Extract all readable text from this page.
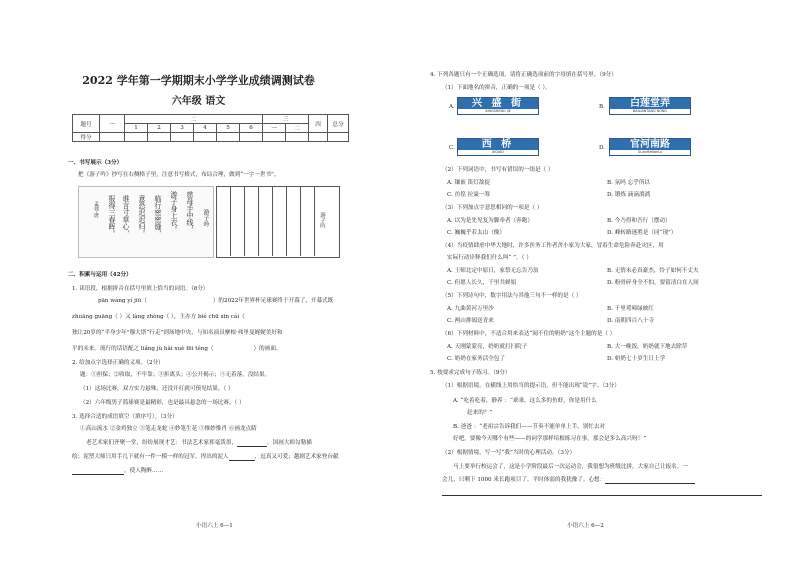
2022 学年第一学期期末小学学业成绩调测试卷
六年级 语文
题号	一	二						三		四	总分
		1	2	3	4	5	6	一	二		
得分											
一、书写展示（3分）
把《游子吟》抄写在右侧格子里，注意书写格式，布局合理，做到“一字一世书”。
孟郊·唐 报得三春晖。 谁言寸草心， 意恐迟迟归。 临行密密缝， 游子身上衣。 慈母手中线， 游子吟	游子吟
二、积累与运用（42分）
1. 读语段，根据拼音在括号里填上恰当的词语。（8分）
pān wàng yí jiū（	）的2022年世界杯足球赛终于开幕了，开幕式既
zhuāng guāng（ ）又 làng zhòng（ ），主办方 bié chū xīn cái（
独让20岁的“半身少年”穆大塔“行走”到场地中央，与知名演员摩根·弗里曼娓娓美好和
平的未来。流行的话语配之 liǎng jù hǎi xuè fēi téng（	）的画面。
2. 给加点字选择正确的义项。（2分）
题：①担保；②收取，不牢靠；③折离头；④公开揭示；⑤无着落，没结果。
（1）这场比赛，双方实力悬殊，还没开打就可预见结果。（ ）
（2）六年级男子篮球赛是最精彩，也是最具悬念的一场比赛。（ ）
3. 选择合适的成语填空（填序号）。（3分）
①高山流水 ②金鸡独立 ③笔走龙蛇 ④妙笔生花 ⑤惟妙惟肖 ⑥画龙点睛
老艺术家们齐聚一堂，纷纷展现才艺：书法艺术家挥毫泼墨，	，国画大师勾勒描
绘；泥塑大师只用手几下就有一件一模一样的冠军，捏出的泥人	，逗真又可爱；越剧艺术家登台献
，使人陶醉……
小语六上 6—1
4. 下列各题只有一个正确选项，请将正确选项前的字母填在括号里。（9分）
（1）下面地名的拼音，正确的一项是（ ）。
A.	兴 盛 街
XINGSHENG JIE
B.	白莲堂弄
BAILIANTANG NONG
C.	西 桥
XIQIAO
D.	官河南路
GuanHeNanLu
（2）下列词语中，书写有错误的一组是（ ）
A. 镶嵌 笛灯敌捉	B. 氛吗 忘乎所以
C. 彷徨 拉粜一筹	D. 锻炼 滴滴淌淌
（3）下列加点字意思相同的一项是（ ）
A. 以为是先见复为脚牵者（奔跑）	B. 今乃得和吾行（摆动）
C. 巍巍乎若太山（像）	D. 峰转路迷胜是（同“现”）
（4）当疫情肆虐中华大地时，许多医务工作者舍小家为大家，冒着生命危险奔赴灾区，用
实际行动诠释我们什么叫“ ”。（ ）
A. 王师北定中原日，家祭无忘告乃翁	B. 无情未必真豪杰，怜子如何不丈夫
C. 但愿人长久，千里共婵娟	D. 粉骨碎身全不怕，要留清白在人间
（5）下列诗句中，数字用法与其他三句不一样的是（ ）
A. 九曲黄河万里沙	B. 千里莺啼绿映红
C. 两山排闼送青来	D. 南朝四百八十寺
（6）下列材料中，不适合用来表达“闻不住的奶奶”这个主题的是（ ）
A. 天刚蒙蒙亮，奶奶就打扫院子	B. 大一晚饭，奶奶就下地去除草
C. 奶奶在家务活全包了	D. 奶奶七十岁生日上学
5. 按要求完成句子练习。（9分）
（1）根据语境，在横线上用恰当的提示语，但不能出现“说”字。（3分）
A. “吃着吃着，静养 ：“乖乖，这么多的鱼虾，你是用什么
赶来的？”
B. 爸爸 ：“老祖宗告诉我们——节奏不能单单上手，别忙去对
好吧，要像今天哪个有些——的同学那样培根练习在事。那会是多么高兴呀！”
（2）根据情境，写一写“我”当时的心理活动。（3分）
马上要举行校运会了，这是小学阶段最后一次运动会，我很想为班级比拼，大家自己让报名。一
会儿，只剩下 1000 米长跑项目了。平时体弱的我犹豫了。心想：
小语六上 6—2
